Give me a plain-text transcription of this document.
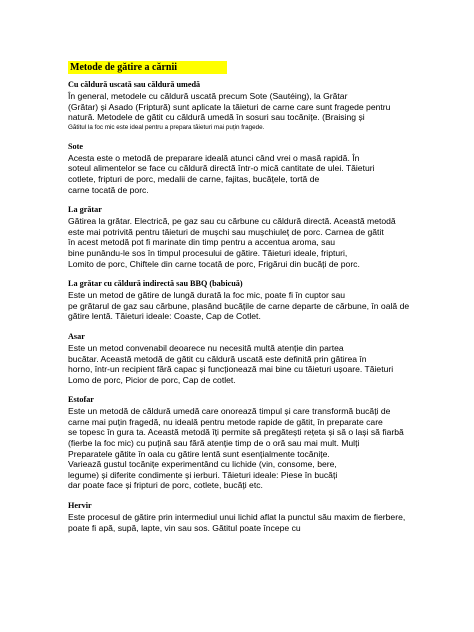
Metode de gătire a cărnii
Cu căldură uscată sau căldură umedă
În general, metodele cu căldură uscată precum Sote (Sautéing), la Grătar
(Grătar) și Asado (Friptură) sunt aplicate la tăieturi de carne care sunt fragede pentru
natură. Metodele de gătit cu căldură umedă în sosuri sau tocănițe. (Braising și
Gătitul la foc mic este ideal pentru a prepara tăieturi mai puțin fragede.
Sote
Acesta este o metodă de preparare ideală atunci când vrei o masă rapidă. În
soteul alimentelor se face cu căldură directă într-o mică cantitate de ulei. Tăieturi
cotlete, fripturi de porc, medalii de carne, fajitas, bucățele, tortă de
carne tocată de porc.
La grătar
Gătirea la grătar. Electrică, pe gaz sau cu cărbune cu căldură directă. Această metodă
este mai potrivită pentru tăieturi de mușchi sau mușchiuleț de porc. Carnea de gătit
în acest metodă pot fi marinate din timp pentru a accentua aroma, sau
bine punându-le sos în timpul procesului de gătire. Tăieturi ideale, fripturi,
Lomito de porc, Chiftele din carne tocată de porc, Frigărui din bucăți de porc.
La grătar cu căldură indirectă sau BBQ (babicuă)
Este un metod de gătire de lungă durată la foc mic, poate fi în cuptor sau
pe grătarul de gaz sau cărbune, plasând bucățile de carne departe de cărbune, în oală de
gătire lentă. Tăieturi ideale: Coaste, Cap de Cotlet.
Asar
Este un metod convenabil deoarece nu necesită multă atenție din partea
bucătar. Această metodă de gătit cu căldură uscată este definită prin gătirea în
horno, într-un recipient fără capac și funcționează mai bine cu tăieturi ușoare. Tăieturi
Lomo de porc, Picior de porc, Cap de cotlet.
Estofar
Este un metodă de căldură umedă care onorează timpul și care transformă bucăți de
carne mai puțin fragedă, nu ideală pentru metode rapide de gătit, în preparate care
se topesc în gura ta. Această metodă îți permite să pregătești rețeta și să o lași să fiarbă
(fierbe la foc mic) cu puțină sau fără atenție timp de o oră sau mai mult. Mulți
Preparatele gătite în oala cu gătire lentă sunt esențialmente tocănițe.
Variează gustul tocănițe experimentând cu lichide (vin, consome, bere,
legume) și diferite condimente și ierburi. Tăieturi ideale: Piese în bucăți
dar poate face și fripturi de porc, cotlete, bucăți etc.
Hervir
Este procesul de gătire prin intermediul unui lichid aflat la punctul său maxim de fierbere,
poate fi apă, supă, lapte, vin sau sos. Gătitul poate începe cu
